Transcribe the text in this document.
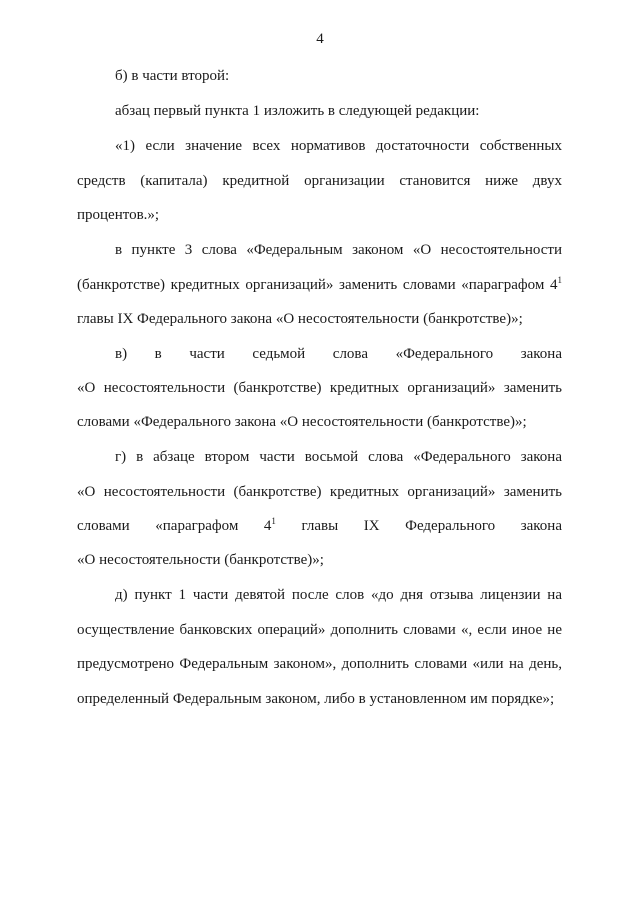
4
б) в части второй:
абзац первый пункта 1 изложить в следующей редакции:
«1) если значение всех нормативов достаточности собственных
средств (капитала) кредитной организации становится ниже двух
процентов.»;
в пункте 3 слова «Федеральным законом «О несостоятельности
(банкротстве) кредитных организаций» заменить словами «параграфом $4^1$
главы IX Федерального закона «О несостоятельности (банкротстве)»;
в) в части седьмой слова «Федерального закона
«О несостоятельности (банкротстве) кредитных организаций» заменить
словами «Федерального закона «О несостоятельности (банкротстве)»;
г) в абзаце втором части восьмой слова «Федерального закона
«О несостоятельности (банкротстве) кредитных организаций» заменить
словами «параграфом $4^1$ главы IX Федерального закона
«О несостоятельности (банкротстве)»;
д) пункт 1 части девятой после слов «до дня отзыва лицензии на
осуществление банковских операций» дополнить словами «, если иное не
предусмотрено Федеральным законом», дополнить словами «или на день,
определенный Федеральным законом, либо в установленном им порядке»;
